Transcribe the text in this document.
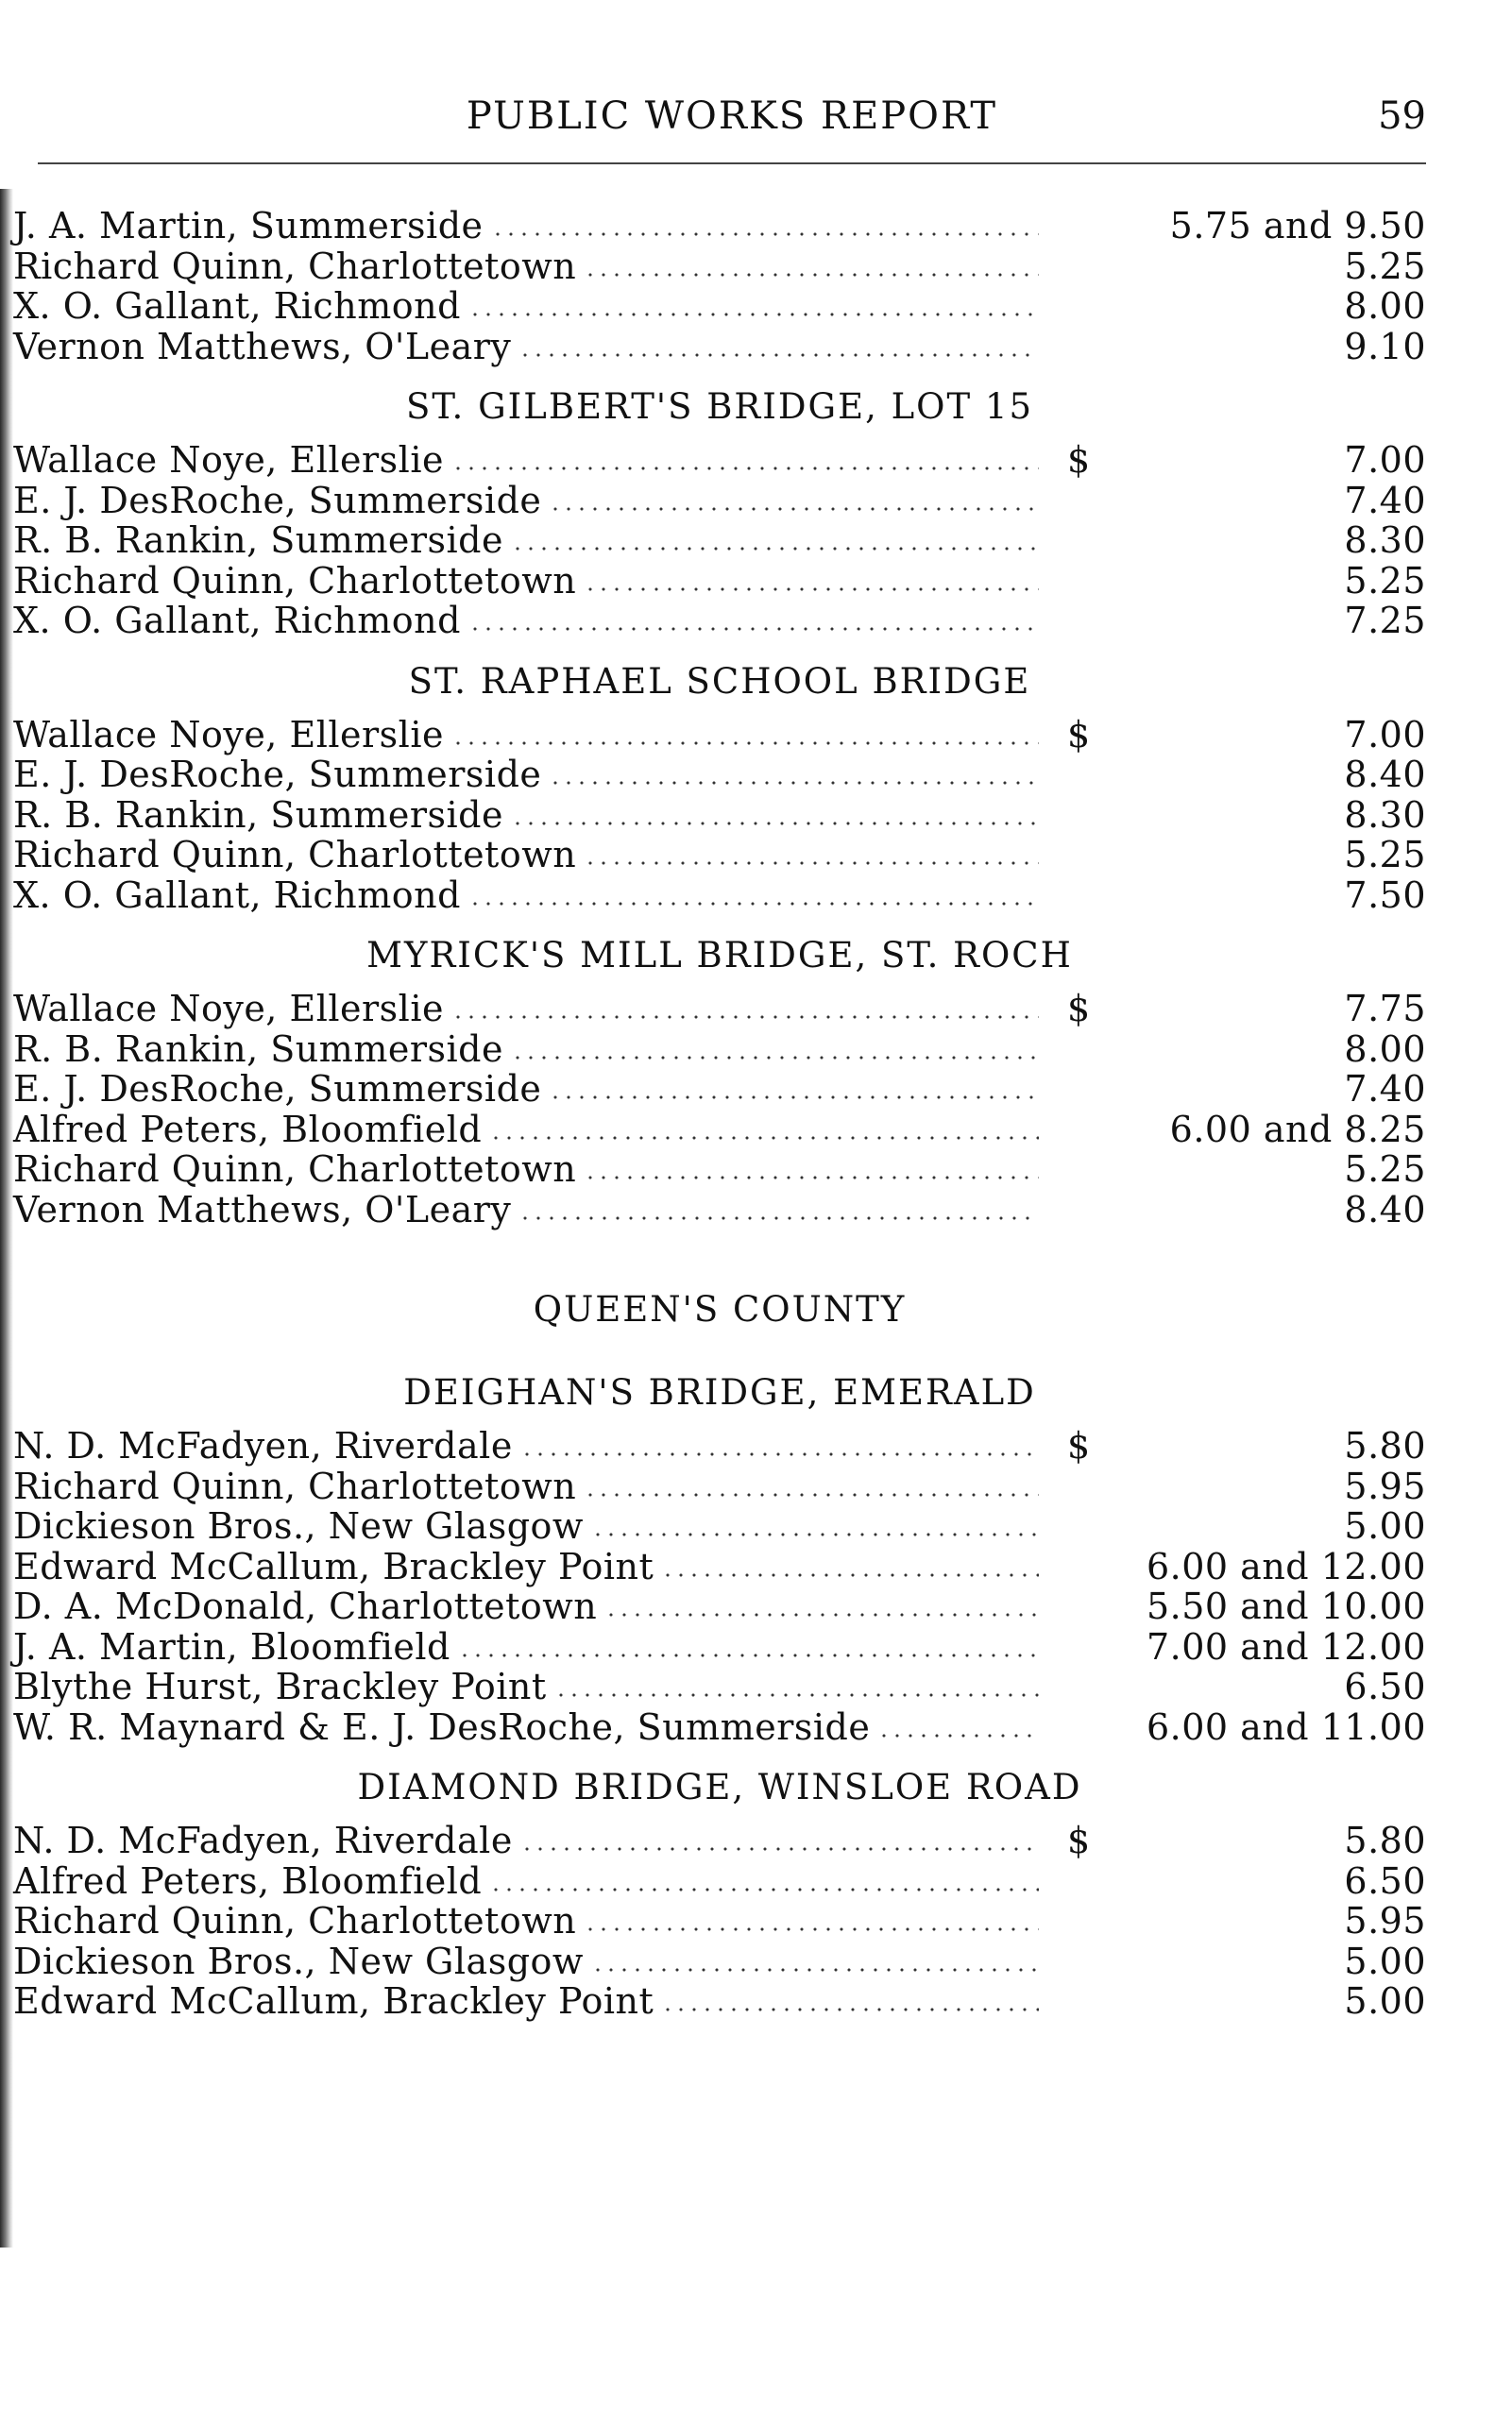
PUBLIC WORKS REPORT	59
J. A. Martin, Summerside	5.75 and 9.50
Richard Quinn, Charlottetown	5.25
X. O. Gallant, Richmond	8.00
Vernon Matthews, O'Leary	9.10
ST. GILBERT'S BRIDGE, LOT 15
Wallace Noye, Ellerslie	$	7.00
E. J. DesRoche, Summerside	7.40
R. B. Rankin, Summerside	8.30
Richard Quinn, Charlottetown	5.25
X. O. Gallant, Richmond	7.25
ST. RAPHAEL SCHOOL BRIDGE
Wallace Noye, Ellerslie	$	7.00
E. J. DesRoche, Summerside	8.40
R. B. Rankin, Summerside	8.30
Richard Quinn, Charlottetown	5.25
X. O. Gallant, Richmond	7.50
MYRICK'S MILL BRIDGE, ST. ROCH
Wallace Noye, Ellerslie	$	7.75
R. B. Rankin, Summerside	8.00
E. J. DesRoche, Summerside	7.40
Alfred Peters, Bloomfield	6.00 and 8.25
Richard Quinn, Charlottetown	5.25
Vernon Matthews, O'Leary	8.40
QUEEN'S COUNTY
DEIGHAN'S BRIDGE, EMERALD
N. D. McFadyen, Riverdale	$	5.80
Richard Quinn, Charlottetown	5.95
Dickieson Bros., New Glasgow	5.00
Edward McCallum, Brackley Point	6.00 and 12.00
D. A. McDonald, Charlottetown	5.50 and 10.00
J. A. Martin, Bloomfield	7.00 and 12.00
Blythe Hurst, Brackley Point	6.50
W. R. Maynard & E. J. DesRoche, Summerside	6.00 and 11.00
DIAMOND BRIDGE, WINSLOE ROAD
N. D. McFadyen, Riverdale	$	5.80
Alfred Peters, Bloomfield	6.50
Richard Quinn, Charlottetown	5.95
Dickieson Bros., New Glasgow	5.00
Edward McCallum, Brackley Point	5.00
